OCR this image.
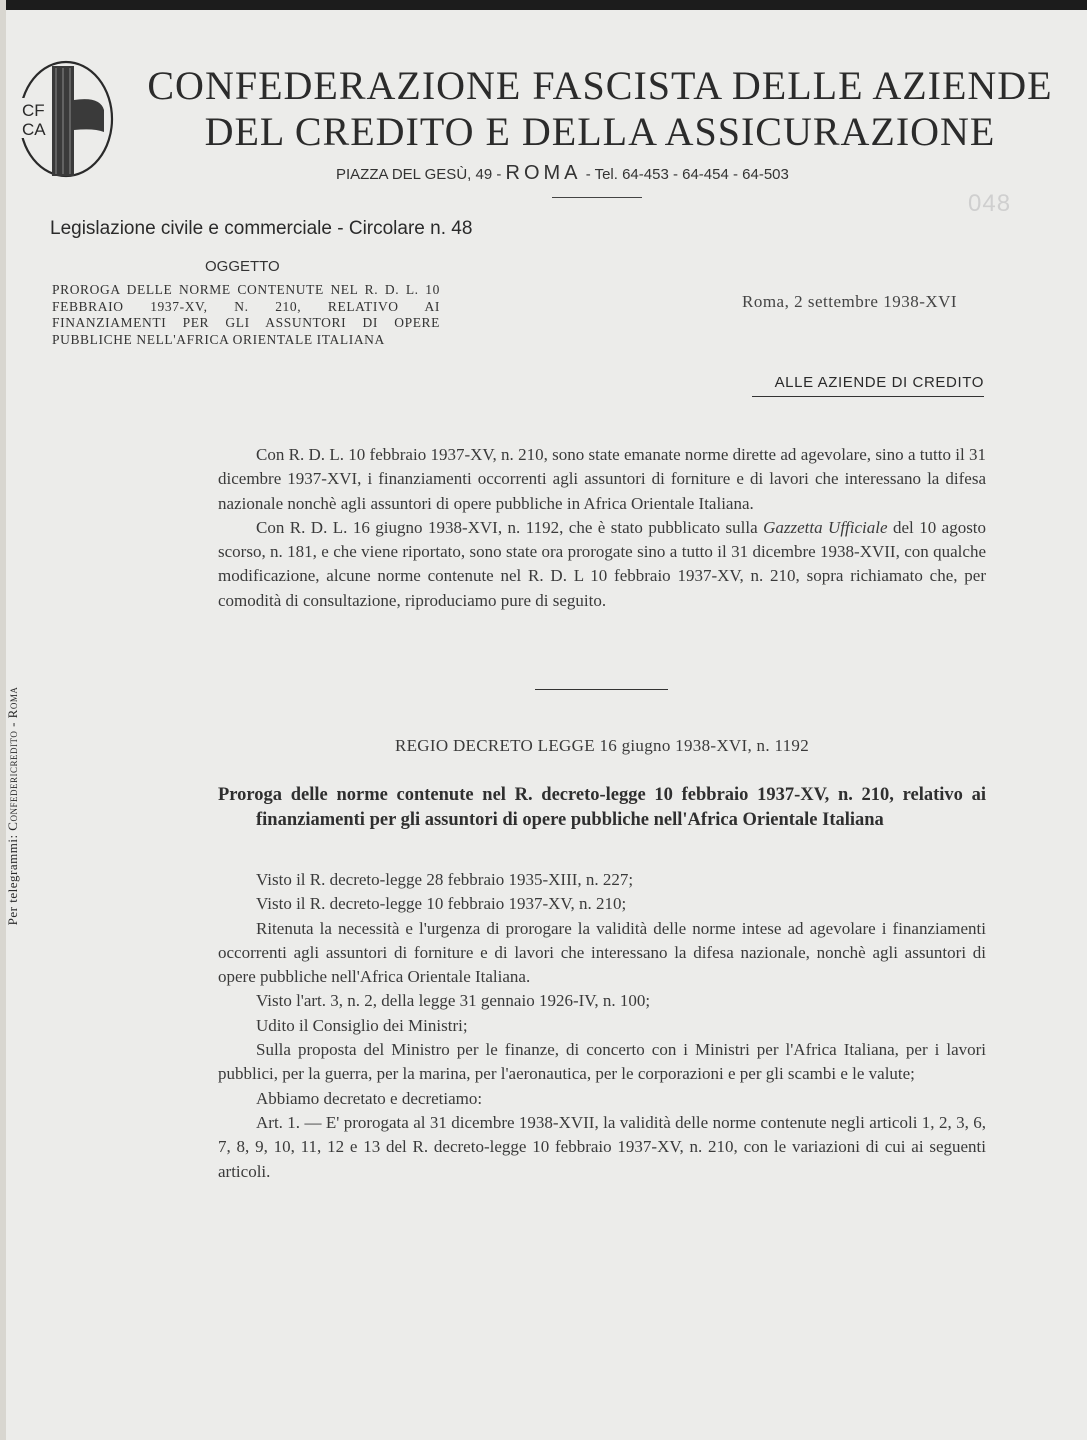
CF
CA
CONFEDERAZIONE FASCISTA DELLE AZIENDE
DEL CREDITO E DELLA ASSICURAZIONE
PIAZZA DEL GESÙ, 49 - ROMA - Tel. 64-453 - 64-454 - 64-503
048
Legislazione civile e commerciale - Circolare n. 48
OGGETTO
PROROGA DELLE NORME CONTENUTE NEL R. D. L. 10 FEBBRAIO 1937-XV, N. 210, RELATIVO AI FINANZIAMENTI PER GLI ASSUNTORI DI OPERE PUBBLICHE NELL'AFRICA ORIENTALE ITALIANA
Roma, 2 settembre 1938-XVI
ALLE AZIENDE DI CREDITO

Con R. D. L. 10 febbraio 1937-XV, n. 210, sono state emanate norme dirette ad agevolare, sino a tutto il 31 dicembre 1937-XVI, i finanziamenti occorrenti agli assuntori di forniture e di lavori che interessano la difesa nazionale nonchè agli assuntori di opere pubbliche in Africa Orientale Italiana.

Con R. D. L. 16 giugno 1938-XVI, n. 1192, che è stato pubblicato sulla Gazzetta Ufficiale del 10 agosto scorso, n. 181, e che viene riportato, sono state ora prorogate sino a tutto il 31 dicembre 1938-XVII, con qualche modificazione, alcune norme contenute nel R. D. L 10 febbraio 1937-XV, n. 210, sopra richiamato che, per comodità di consultazione, riproduciamo pure di seguito.

REGIO DECRETO LEGGE 16 giugno 1938-XVI, n. 1192
Proroga delle norme contenute nel R. decreto-legge 10 febbraio 1937-XV, n. 210, relativo ai finanziamenti per gli assuntori di opere pubbliche nell'Africa Orientale Italiana

Visto il R. decreto-legge 28 febbraio 1935-XIII, n. 227;

Visto il R. decreto-legge 10 febbraio 1937-XV, n. 210;

Ritenuta la necessità e l'urgenza di prorogare la validità delle norme intese ad agevolare i finanziamenti occorrenti agli assuntori di forniture e di lavori che interessano la difesa nazionale, nonchè agli assuntori di opere pubbliche nell'Africa Orientale Italiana.

Visto l'art. 3, n. 2, della legge 31 gennaio 1926-IV, n. 100;

Udito il Consiglio dei Ministri;

Sulla proposta del Ministro per le finanze, di concerto con i Ministri per l'Africa Italiana, per i lavori pubblici, per la guerra, per la marina, per l'aeronautica, per le corporazioni e per gli scambi e le valute;

Abbiamo decretato e decretiamo:

Art. 1. — E' prorogata al 31 dicembre 1938-XVII, la validità delle norme contenute negli articoli 1, 2, 3, 6, 7, 8, 9, 10, 11, 12 e 13 del R. decreto-legge 10 febbraio 1937-XV, n. 210, con le variazioni di cui ai seguenti articoli.

Per telegrammi: Confedericredito - Roma
